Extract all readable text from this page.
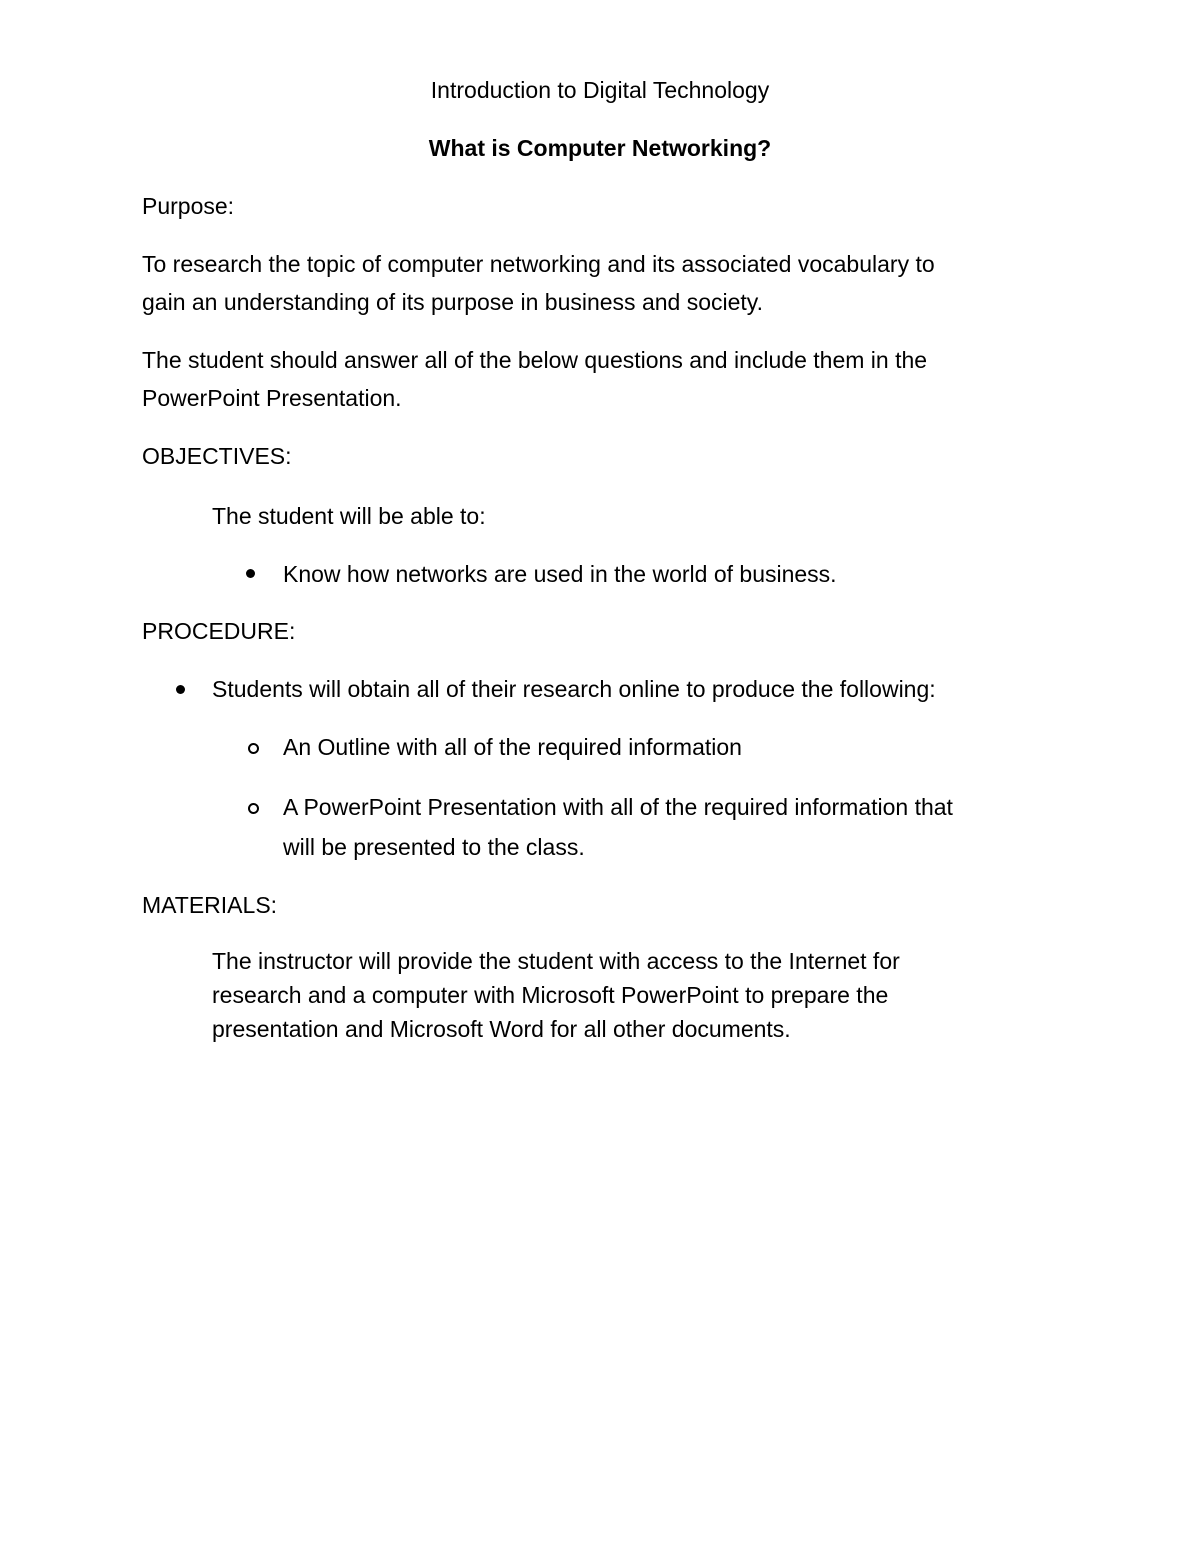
Introduction to Digital Technology

What is Computer Networking?

Purpose:

To research the topic of computer networking and its associated vocabulary to

gain an understanding of its purpose in business and society.

The student should answer all of the below questions and include them in the

PowerPoint Presentation.

OBJECTIVES:

The student will be able to:

Know how networks are used in the world of business.

PROCEDURE:

Students will obtain all of their research online to produce the following:

An Outline with all of the required information

A PowerPoint Presentation with all of the required information that

will be presented to the class.

MATERIALS:

The instructor will provide the student with access to the Internet for

research and a computer with Microsoft PowerPoint to prepare the

presentation and Microsoft Word for all other documents.
